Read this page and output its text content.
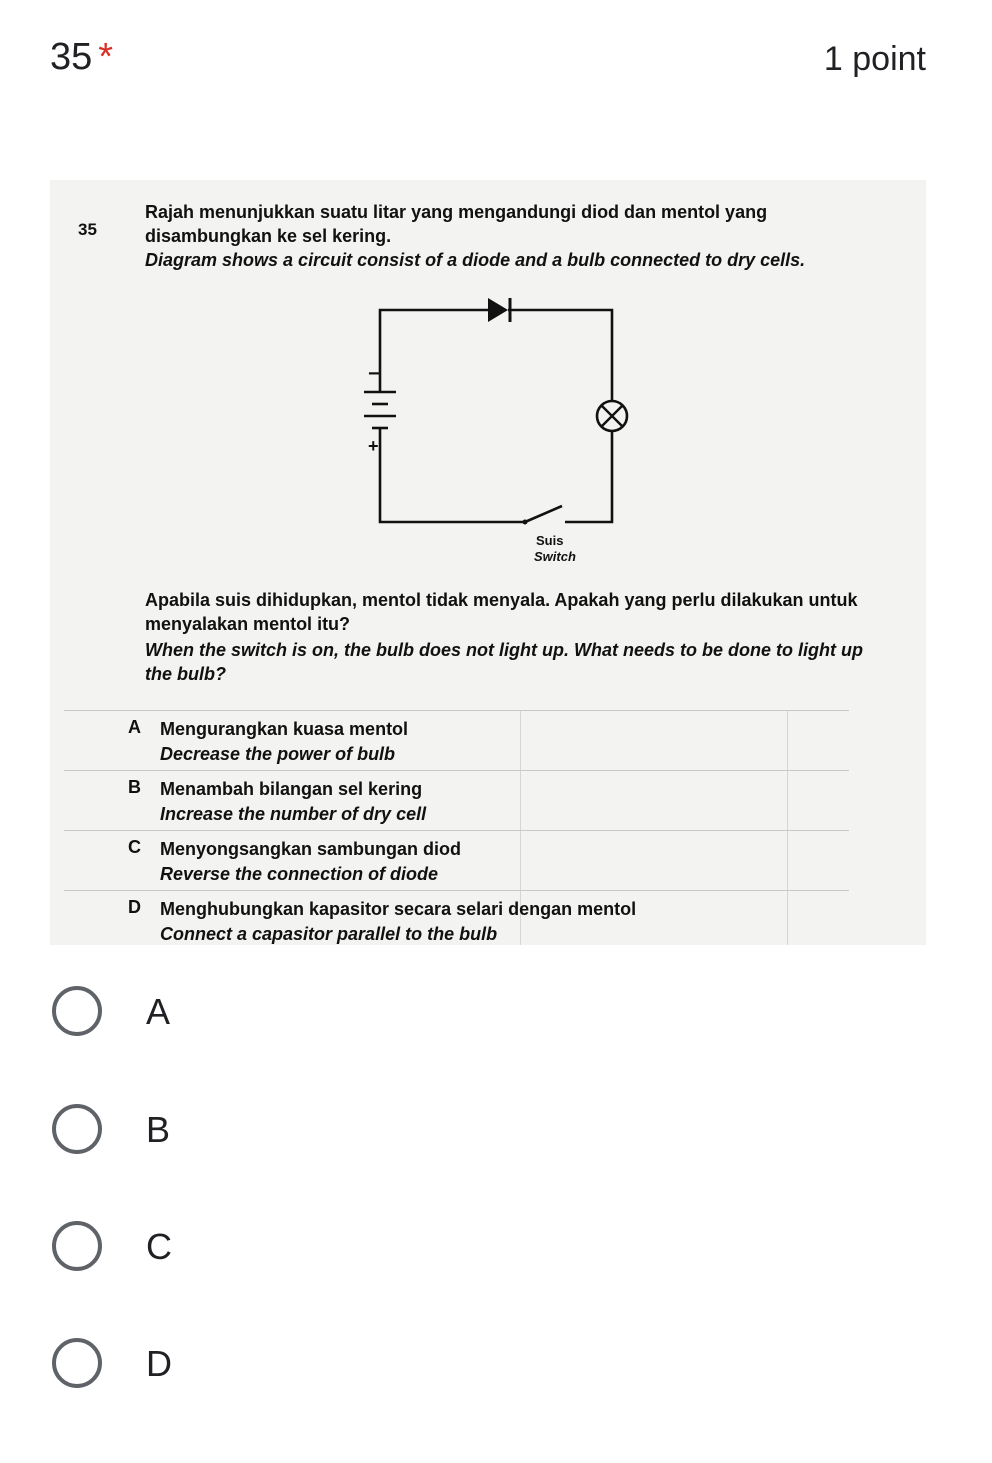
35 *	1 point
35
Rajah menunjukkan suatu litar yang mengandungi diod dan mentol yang
disambungkan ke sel kering.
Diagram shows a circuit consist of a diode and a bulb connected to dry cells.
−
+
Suis
Switch
Apabila suis dihidupkan, mentol tidak menyala. Apakah yang perlu dilakukan untuk
menyalakan mentol itu?
When the switch is on, the bulb does not light up. What needs to be done to light up
the bulb?
A Mengurangkan kuasa mentol
Decrease the power of bulb
B Menambah bilangan sel kering
Increase the number of dry cell
C Menyongsangkan sambungan diod
Reverse the connection of diode
D Menghubungkan kapasitor secara selari dengan mentol
Connect a capasitor parallel to the bulb
A
B
C
D
